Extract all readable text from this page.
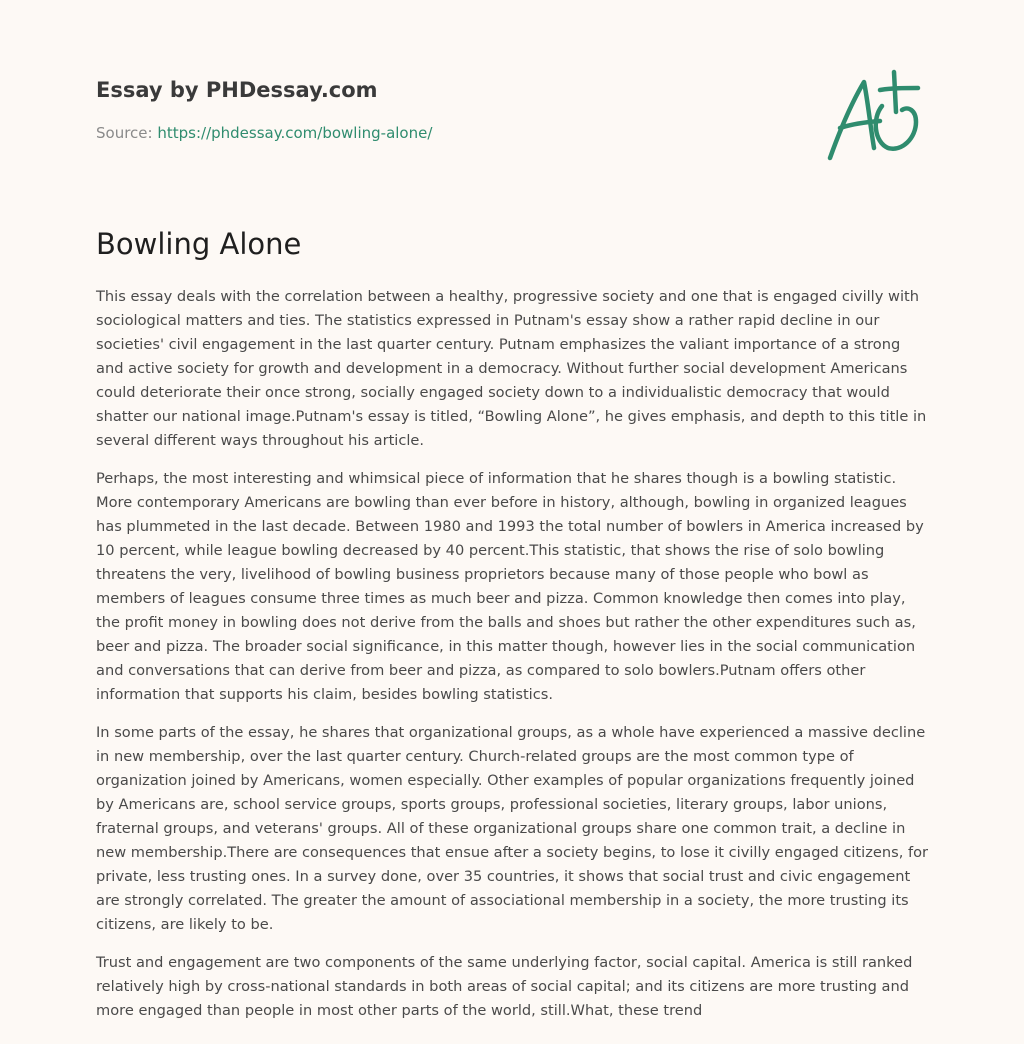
Essay by PHDessay.com
Source: https://phdessay.com/bowling-alone/
Bowling Alone

This essay deals with the correlation between a healthy, progressive society and one that is engaged civilly with sociological matters and ties. The statistics expressed in Putnam's essay show a rather rapid decline in our societies' civil engagement in the last quarter century. Putnam emphasizes the valiant importance of a strong and active society for growth and development in a democracy. Without further social development Americans could deteriorate their once strong, socially engaged society down to a individualistic democracy that would shatter our national image.Putnam's essay is titled, “Bowling Alone”, he gives emphasis, and depth to this title in several different ways throughout his article.

Perhaps, the most interesting and whimsical piece of information that he shares though is a bowling statistic. More contemporary Americans are bowling than ever before in history, although, bowling in organized leagues has plummeted in the last decade. Between 1980 and 1993 the total number of bowlers in America increased by 10 percent, while league bowling decreased by 40 percent.This statistic, that shows the rise of solo bowling threatens the very, livelihood of bowling business proprietors because many of those people who bowl as members of leagues consume three times as much beer and pizza. Common knowledge then comes into play, the profit money in bowling does not derive from the balls and shoes but rather the other expenditures such as, beer and pizza. The broader social significance, in this matter though, however lies in the social communication and conversations that can derive from beer and pizza, as compared to solo bowlers.Putnam offers other information that supports his claim, besides bowling statistics.

In some parts of the essay, he shares that organizational groups, as a whole have experienced a massive decline in new membership, over the last quarter century. Church-related groups are the most common type of organization joined by Americans, women especially. Other examples of popular organizations frequently joined by Americans are, school service groups, sports groups, professional societies, literary groups, labor unions, fraternal groups, and veterans' groups. All of these organizational groups share one common trait, a decline in new membership.There are consequences that ensue after a society begins, to lose it civilly engaged citizens, for private, less trusting ones. In a survey done, over 35 countries, it shows that social trust and civic engagement are strongly correlated. The greater the amount of associational membership in a society, the more trusting its citizens, are likely to be.

Trust and engagement are two components of the same underlying factor, social capital. America is still ranked relatively high by cross-national standards in both areas of social capital; and its citizens are more trusting and more engaged than people in most other parts of the world, still.What, these trend
